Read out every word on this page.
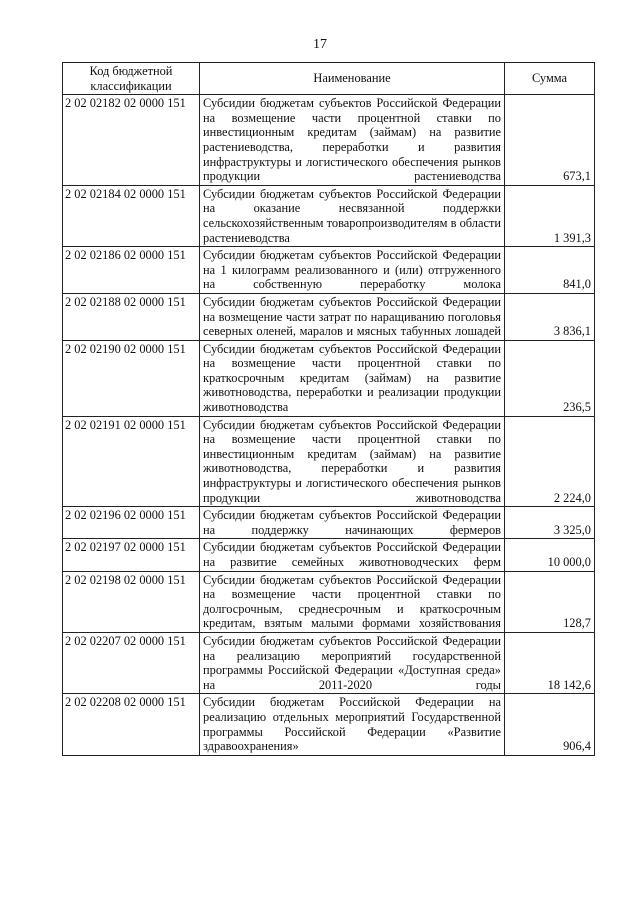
17
Код бюджетной классификации	Наименование	Сумма
2 02 02182 02 0000 151	Субсидии бюджетам субъектов Российской Федерации на возмещение части процентной ставки по инвестиционным кредитам (займам) на развитие растениеводства, переработки и развития инфраструктуры и логистического обеспечения рынков продукции растениеводства	673,1
2 02 02184 02 0000 151	Субсидии бюджетам субъектов Российской Федерации на оказание несвязанной поддержки сельскохозяйственным товаропроизводителям в области растениеводства	1 391,3
2 02 02186 02 0000 151	Субсидии бюджетам субъектов Российской Федерации на 1 килограмм реализованного и (или) отгруженного на собственную переработку молока	841,0
2 02 02188 02 0000 151	Субсидии бюджетам субъектов Российской Федерации на возмещение части затрат по наращиванию поголовья северных оленей, маралов и мясных табунных лошадей	3 836,1
2 02 02190 02 0000 151	Субсидии бюджетам субъектов Российской Федерации на возмещение части процентной ставки по краткосрочным кредитам (займам) на развитие животноводства, переработки и реализации продукции животноводства	236,5
2 02 02191 02 0000 151	Субсидии бюджетам субъектов Российской Федерации на возмещение части процентной ставки по инвестиционным кредитам (займам) на развитие животноводства, переработки и развития инфраструктуры и логистического обеспечения рынков продукции животноводства	2 224,0
2 02 02196 02 0000 151	Субсидии бюджетам субъектов Российской Федерации на поддержку начинающих фермеров	3 325,0
2 02 02197 02 0000 151	Субсидии бюджетам субъектов Российской Федерации на развитие семейных животноводческих ферм	10 000,0
2 02 02198 02 0000 151	Субсидии бюджетам субъектов Российской Федерации на возмещение части процентной ставки по долгосрочным, среднесрочным и краткосрочным кредитам, взятым малыми формами хозяйствования	128,7
2 02 02207 02 0000 151	Субсидии бюджетам субъектов Российской Федерации на реализацию мероприятий государственной программы Российской Федерации «Доступная среда» на 2011-2020 годы	18 142,6
2 02 02208 02 0000 151	Субсидии бюджетам Российской Федерации на реализацию отдельных мероприятий Государственной программы Российской Федерации «Развитие здравоохранения»	906,4
